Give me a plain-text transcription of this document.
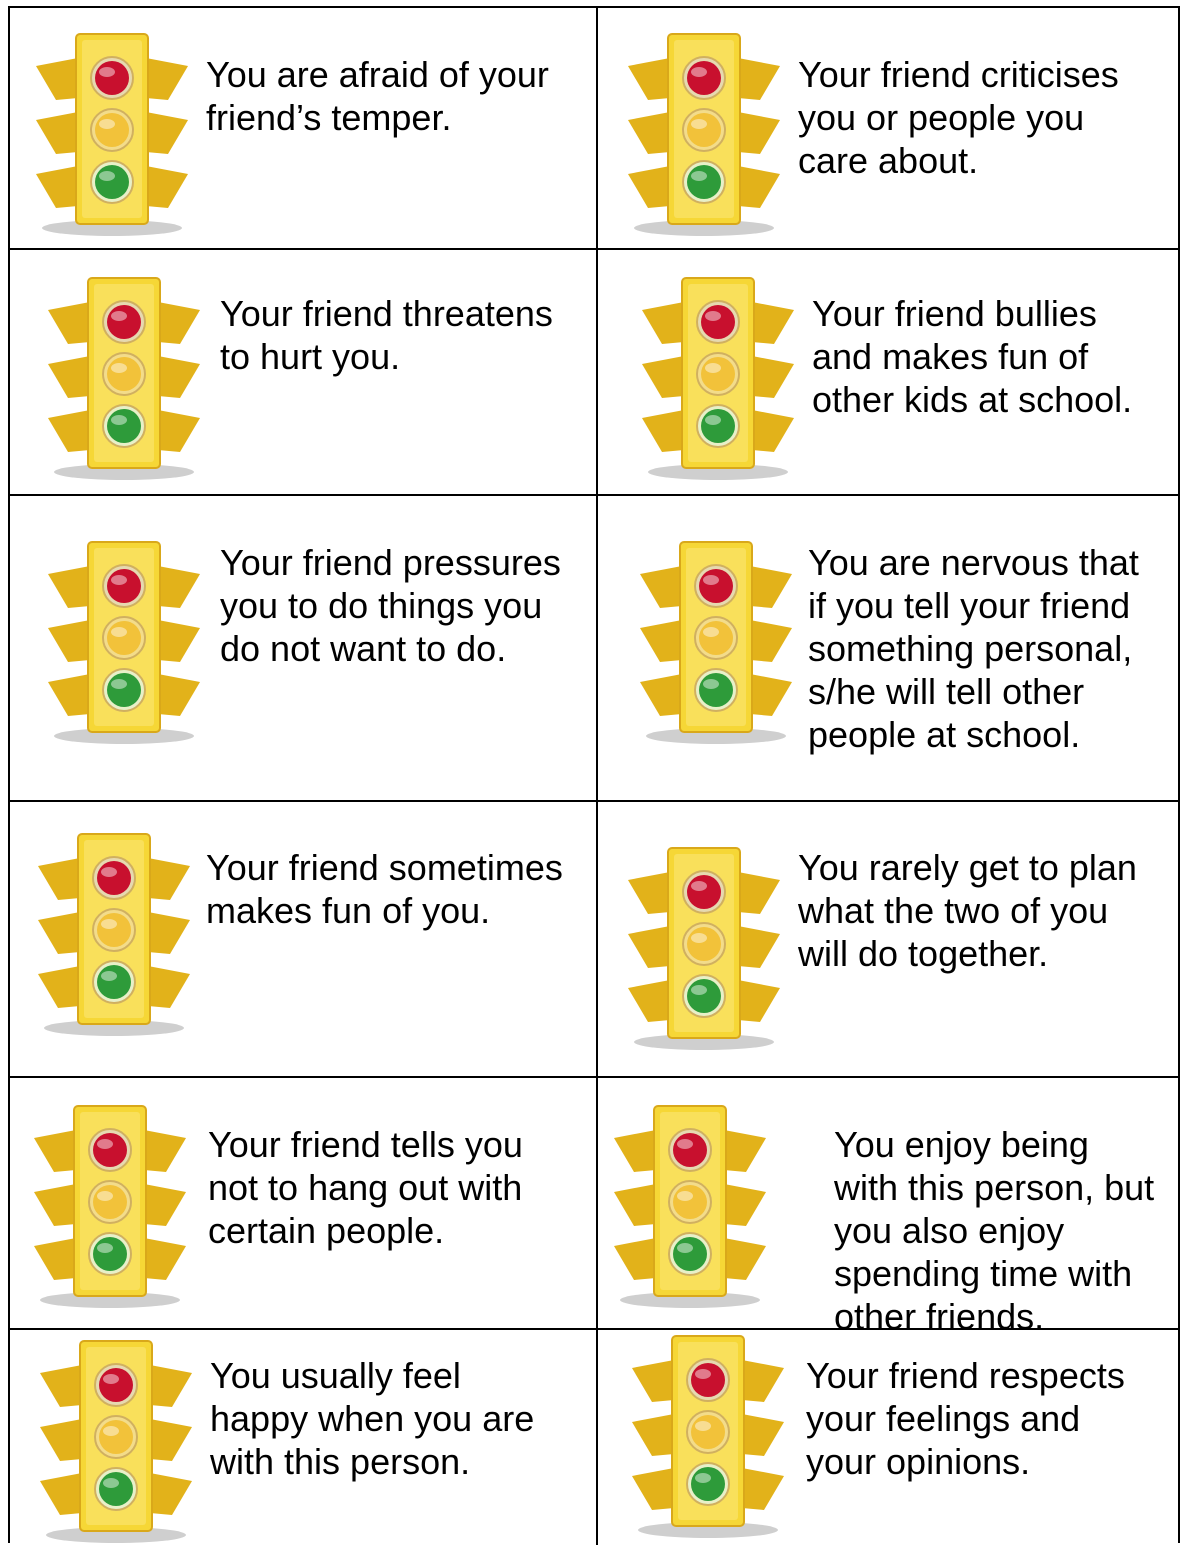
You are afraid of your
friend’s temper.
Your friend criticises
you or people you
care about.
Your friend threatens
to hurt you.
Your friend bullies
and makes fun of
other kids at school.
Your friend pressures
you to do things you
do not want to do.
You are nervous that
if you tell your friend
something personal,
s/he will tell other
people at school.
Your friend sometimes
makes fun of you.
You rarely get to plan
what the two of you
will do together.
Your friend tells you
not to hang out with
certain people.
You enjoy being
with this person, but
you also enjoy
spending time with
other friends.
You usually feel
happy when you are
with this person.
Your friend respects
your feelings and
your opinions.
